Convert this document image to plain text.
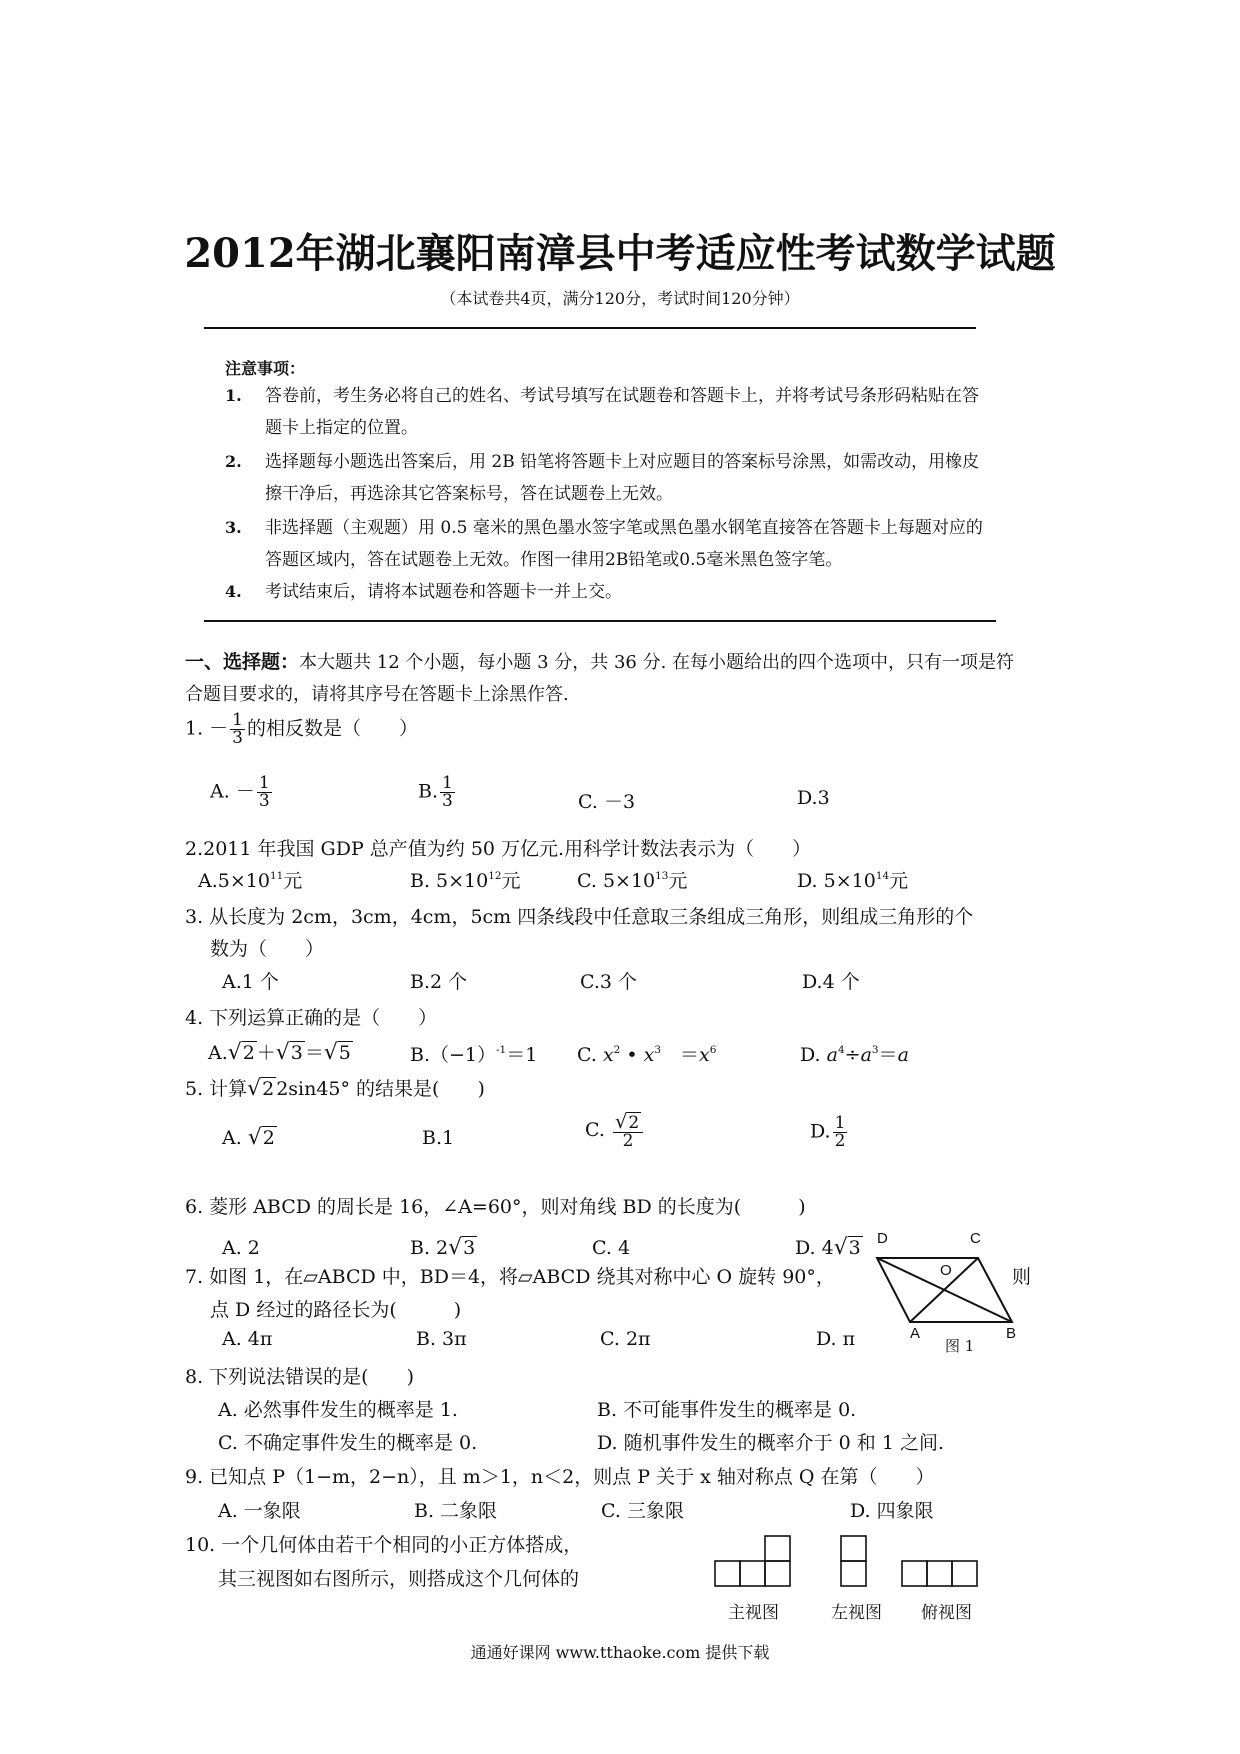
2012年湖北襄阳南漳县中考适应性考试数学试题
（本试卷共4页，满分120分，考试时间120分钟）
注意事项：
1. 答卷前，考生务必将自己的姓名、考试号填写在试题卷和答题卡上，并将考试号条形码粘贴在答
题卡上指定的位置。
2. 选择题每小题选出答案后，用 2B 铅笔将答题卡上对应题目的答案标号涂黑，如需改动，用橡皮
擦干净后，再选涂其它答案标号，答在试题卷上无效。
3. 非选择题（主观题）用 0.5 毫米的黑色墨水签字笔或黑色墨水钢笔直接答在答题卡上每题对应的
答题区域内，答在试题卷上无效。作图一律用2B铅笔或0.5毫米黑色签字笔。
4. 考试结束后，请将本试题卷和答题卡一并上交。
一、选择题：本大题共 12 个小题，每小题 3 分，共 36 分. 在每小题给出的四个选项中，只有一项是符
合题目要求的，请将其序号在答题卡上涂黑作答.
1. － $\frac{1}{3}$ 的相反数是（　　）
A. － $\frac{1}{3}$	B. $\frac{1}{3}$	C. －3	D.3
2.2011 年我国 GDP 总产值为约 50 万亿元.用科学计数法表示为（　　）
$A.5\times 10^{11}$元	B. $5\times 10^{12}$元	C. $5\times 10^{13}$元	D. $5\times 10^{14}$元
3. 从长度为 2cm，3cm，4cm，5cm 四条线段中任意取三条组成三角形，则组成三角形的个
数为（　　）
A.1 个	B.2 个	C.3 个	D.4 个
4. 下列运算正确的是（　　）
A.√2 ＋√3 ＝√5	$B.(-1)^{-1}=1$ C. $x^2$ • $x^3$　$=x^6$	D. $a^4\div a^3=a$
5. 计算√2 2sin45° 的结果是(　　)
A. √2	B.1	C. $\frac{√2}{2}$	D. $\frac{1}{2}$
6. 菱形 ABCD 的周长是 16，∠A=60°，则对角线 BD 的长度为(　　　)
A. 2	B. 2√3	C. 4	D. 4√3
7. 如图 1，在▱ABCD 中，BD＝4，将▱ABCD 绕其对称中心 O 旋转 90°，	则
点 D 经过的路径长为(　　　)
A. 4π	B. 3π	C. 2π	D. π
D	C
O
A	B
图 1
8. 下列说法错误的是(　　)
A. 必然事件发生的概率是 1.	B. 不可能事件发生的概率是 0.
C. 不确定事件发生的概率是 0.	D. 随机事件发生的概率介于 0 和 1 之间.
9. 已知点 P（1−m，2−n），且 m＞1，n＜2，则点 P 关于 x 轴对称点 Q 在第（　　）
A. 一象限	B. 二象限	C. 三象限	D. 四象限
10. 一个几何体由若干个相同的小正方体搭成，
其三视图如右图所示，则搭成这个几何体的
主视图	左视图 俯视图
通通好课网 www.tthaoke.com 提供下载
